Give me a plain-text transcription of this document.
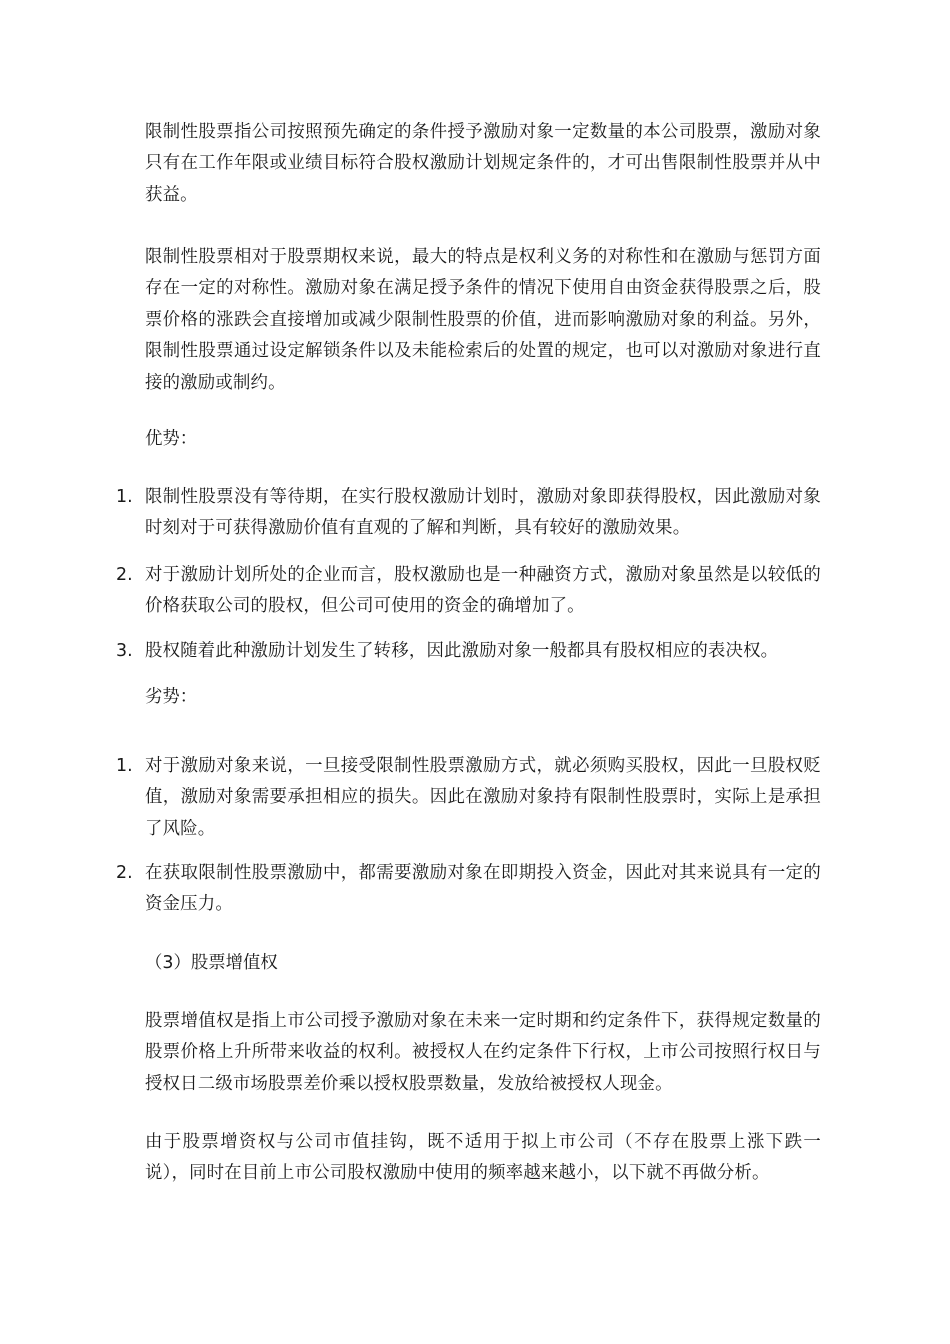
限制性股票指公司按照预先确定的条件授予激励对象一定数量的本公司股票，激励对象只有在工作年限或业绩目标符合股权激励计划规定条件的，才可出售限制性股票并从中获益。

限制性股票相对于股票期权来说，最大的特点是权利义务的对称性和在激励与惩罚方面存在一定的对称性。激励对象在满足授予条件的情况下使用自由资金获得股票之后，股票价格的涨跌会直接增加或减少限制性股票的价值，进而影响激励对象的利益。另外，限制性股票通过设定解锁条件以及未能检索后的处置的规定，也可以对激励对象进行直接的激励或制约。

优势：

1. 限制性股票没有等待期，在实行股权激励计划时，激励对象即获得股权，因此激励对象时刻对于可获得激励价值有直观的了解和判断，具有较好的激励效果。
2. 对于激励计划所处的企业而言，股权激励也是一种融资方式，激励对象虽然是以较低的价格获取公司的股权，但公司可使用的资金的确增加了。
3. 股权随着此种激励计划发生了转移，因此激励对象一般都具有股权相应的表决权。

劣势：

1. 对于激励对象来说，一旦接受限制性股票激励方式，就必须购买股权，因此一旦股权贬值，激励对象需要承担相应的损失。因此在激励对象持有限制性股票时，实际上是承担了风险。
2. 在获取限制性股票激励中，都需要激励对象在即期投入资金，因此对其来说具有一定的资金压力。

（3）股票增值权

股票增值权是指上市公司授予激励对象在未来一定时期和约定条件下，获得规定数量的股票价格上升所带来收益的权利。被授权人在约定条件下行权，上市公司按照行权日与授权日二级市场股票差价乘以授权股票数量，发放给被授权人现金。

由于股票增资权与公司市值挂钩，既不适用于拟上市公司（不存在股票上涨下跌一说），同时在目前上市公司股权激励中使用的频率越来越小，以下就不再做分析。
